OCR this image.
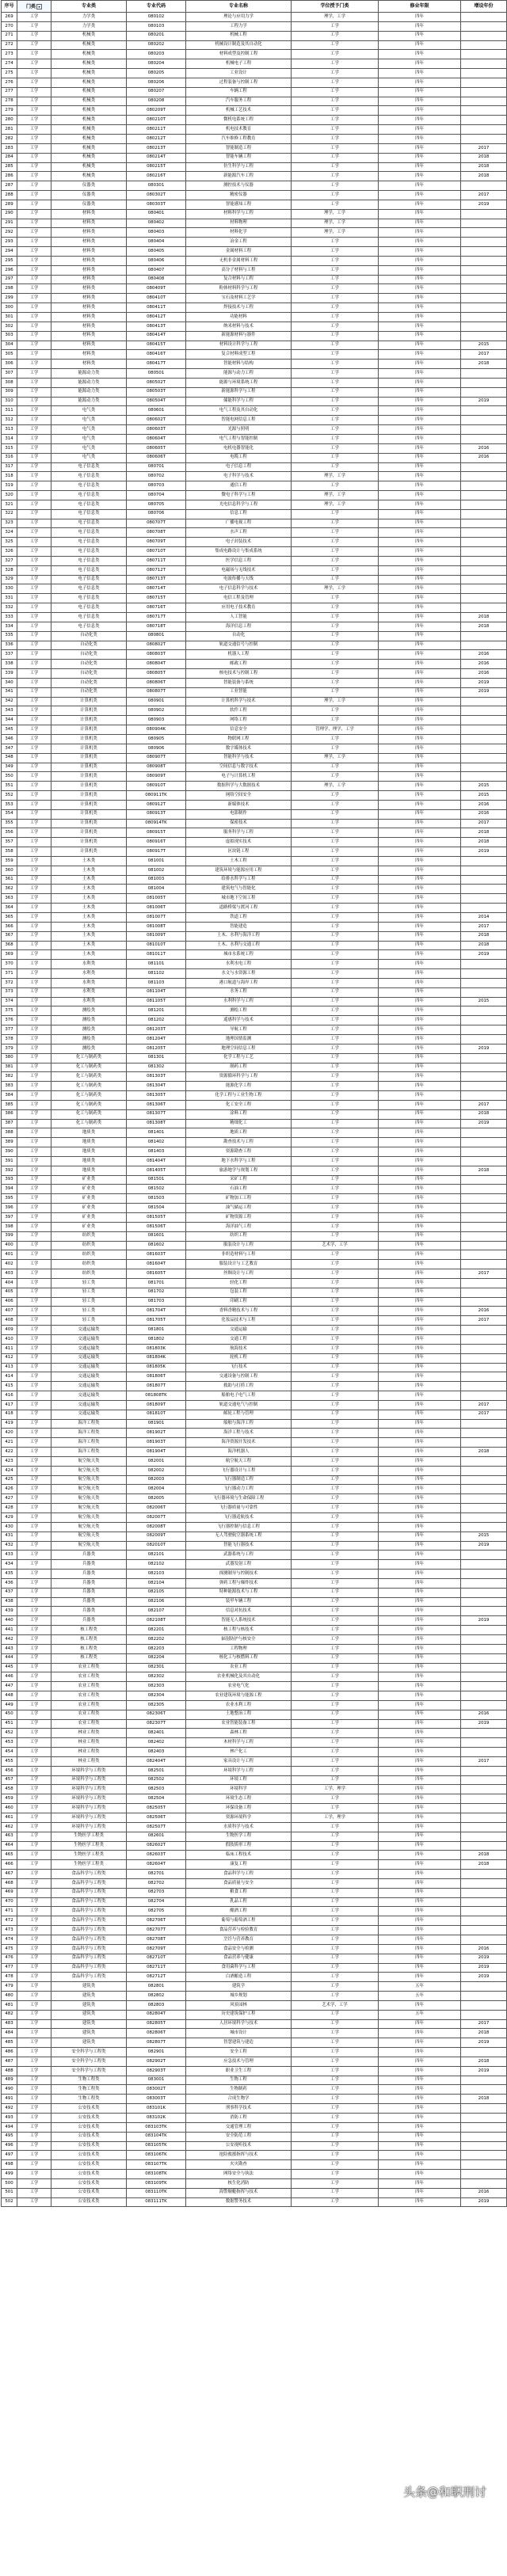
序号	门类 ▾	专业类	专业代码	专业名称	学位授予门类	修业年限	增设年份
269	工学	力学类	080102	理论与应用力学	理学，工学	四年	
270	工学	力学类	080103	工程力学	工学	四年	
271	工学	机械类	080201	机械工程	工学	四年	
272	工学	机械类	080202	机械设计制造及其自动化	工学	四年	
273	工学	机械类	080203	材料成型及控制工程	工学	四年	
274	工学	机械类	080204	机械电子工程	工学	四年	
275	工学	机械类	080205	工业设计	工学	四年	
276	工学	机械类	080206	过程装备与控制工程	工学	四年	
277	工学	机械类	080207	车辆工程	工学	四年	
278	工学	机械类	080208	汽车服务工程	工学	四年	
279	工学	机械类	080209T	机械工艺技术	工学	四年	
280	工学	机械类	080210T	微机电系统工程	工学	四年	
281	工学	机械类	080211T	机电技术教育	工学	四年	
282	工学	机械类	080212T	汽车维修工程教育	工学	四年	
283	工学	机械类	080213T	智能制造工程	工学	四年	2017
284	工学	机械类	080214T	智能车辆工程	工学	四年	2018
285	工学	机械类	080215T	仿生科学与工程	工学	四年	2018
286	工学	机械类	080216T	新能源汽车工程	工学	四年	2018
287	工学	仪器类	080301	测控技术与仪器	工学	四年	
288	工学	仪器类	080302T	精密仪器	工学	四年	2017
289	工学	仪器类	080303T	智能感知工程	工学	四年	2019
290	工学	材料类	080401	材料科学与工程	理学，工学	四年	
291	工学	材料类	080402	材料物理	理学，工学	四年	
292	工学	材料类	080403	材料化学	理学，工学	四年	
293	工学	材料类	080404	冶金工程	工学	四年	
294	工学	材料类	080405	金属材料工程	工学	四年	
295	工学	材料类	080406	无机非金属材料工程	工学	四年	
296	工学	材料类	080407	高分子材料与工程	工学	四年	
297	工学	材料类	080408	复合材料与工程	工学	四年	
298	工学	材料类	080409T	粉体材料科学与工程	工学	四年	
299	工学	材料类	080410T	宝石及材料工艺学	工学	四年	
300	工学	材料类	080411T	焊接技术与工程	工学	四年	
301	工学	材料类	080412T	功能材料	工学	四年	
302	工学	材料类	080413T	纳米材料与技术	工学	四年	
303	工学	材料类	080414T	新能源材料与器件	工学	四年	
304	工学	材料类	080415T	材料设计科学与工程	工学	四年	2015
305	工学	材料类	080416T	复合材料成型工程	工学	四年	2017
306	工学	材料类	080417T	智能材料与结构	工学	四年	2018
307	工学	能源动力类	080501	能源与动力工程	工学	四年	
308	工学	能源动力类	080502T	能源与环境系统工程	工学	四年	
309	工学	能源动力类	080503T	新能源科学与工程	工学	四年	
310	工学	能源动力类	080504T	储能科学与工程	工学	四年	2019
311	工学	电气类	080601	电气工程及其自动化	工学	四年	
312	工学	电气类	080602T	智能电网信息工程	工学	四年	
313	工学	电气类	080603T	光源与照明	工学	四年	
314	工学	电气类	080604T	电气工程与智能控制	工学	四年	
315	工学	电气类	080605T	电机电器智能化	工学	四年	2016
316	工学	电气类	080606T	电缆工程	工学	四年	2016
317	工学	电子信息类	080701	电子信息工程	工学	四年	
318	工学	电子信息类	080702	电子科学与技术	理学，工学	四年	
319	工学	电子信息类	080703	通信工程	工学	四年	
320	工学	电子信息类	080704	微电子科学与工程	理学，工学	四年	
321	工学	电子信息类	080705	光电信息科学与工程	理学，工学	四年	
322	工学	电子信息类	080706	信息工程	工学	四年	
323	工学	电子信息类	080707T	广播电视工程	工学	四年	
324	工学	电子信息类	080708T	水声工程	工学	四年	
325	工学	电子信息类	080709T	电子封装技术	工学	四年	
326	工学	电子信息类	080710T	集成电路设计与集成系统	工学	四年	
327	工学	电子信息类	080711T	医学信息工程	工学	四年	
328	工学	电子信息类	080712T	电磁场与无线技术	工学	四年	
329	工学	电子信息类	080713T	电波传播与天线	工学	四年	
330	工学	电子信息类	080714T	电子信息科学与技术	理学，工学	四年	
331	工学	电子信息类	080715T	电信工程及管理	工学	四年	
332	工学	电子信息类	080716T	应用电子技术教育	工学	四年	
333	工学	电子信息类	080717T	人工智能	工学	四年	2018
334	工学	电子信息类	080718T	海洋信息工程	工学	四年	2018
335	工学	自动化类	080801	自动化	工学	四年	
336	工学	自动化类	080802T	轨道交通信号与控制	工学	四年	
337	工学	自动化类	080803T	机器人工程	工学	四年	2016
338	工学	自动化类	080804T	邮政工程	工学	四年	2016
339	工学	自动化类	080805T	核电技术与控制工程	工学	四年	2016
340	工学	自动化类	080806T	智能装备与系统	工学	四年	2019
341	工学	自动化类	080807T	工业智能	工学	四年	2019
342	工学	计算机类	080901	计算机科学与技术	理学，工学	四年	
343	工学	计算机类	080902	软件工程	工学	四年	
344	工学	计算机类	080903	网络工程	工学	四年	
345	工学	计算机类	080904K	信息安全	管理学，理学，工学	四年	
346	工学	计算机类	080905	物联网工程	工学	四年	
347	工学	计算机类	080906	数字媒体技术	工学	四年	
348	工学	计算机类	080907T	智能科学与技术	理学，工学	四年	
349	工学	计算机类	080908T	空间信息与数字技术	工学	四年	
350	工学	计算机类	080909T	电子与计算机工程	工学	四年	
351	工学	计算机类	080910T	数据科学与大数据技术	理学，工学	四年	2015
352	工学	计算机类	080911TK	网络空间安全	工学	四年	2015
353	工学	计算机类	080912T	新媒体技术	工学	四年	2016
354	工学	计算机类	080913T	电影制作	工学	四年	2016
355	工学	计算机类	080914TK	保密技术	工学	四年	2017
356	工学	计算机类	080915T	服务科学与工程	工学	四年	2018
357	工学	计算机类	080916T	虚拟现实技术	工学	四年	2018
358	工学	计算机类	080917T	区块链工程	工学	四年	2019
359	工学	土木类	081001	土木工程	工学	四年	
360	工学	土木类	081002	建筑环境与能源应用工程	工学	四年	
361	工学	土木类	081003	给排水科学与工程	工学	四年	
362	工学	土木类	081004	建筑电气与智能化	工学	四年	
363	工学	土木类	081005T	城市地下空间工程	工学	四年	
364	工学	土木类	081006T	道路桥梁与渡河工程	工学	四年	
365	工学	土木类	081007T	铁道工程	工学	四年	2014
366	工学	土木类	081008T	智能建造	工学	四年	2017
367	工学	土木类	081009T	土木、水利与海洋工程	工学	四年	2018
368	工学	土木类	081010T	土木、水利与交通工程	工学	四年	2018
369	工学	土木类	081011T	城市水系统工程	工学	四年	2019
370	工学	水利类	081101	水利水电工程	工学	四年	
371	工学	水利类	081102	水文与水资源工程	工学	四年	
372	工学	水利类	081103	港口航道与海岸工程	工学	四年	
373	工学	水利类	081104T	水务工程	工学	四年	
374	工学	水利类	081105T	水利科学与工程	工学	四年	2015
375	工学	测绘类	081201	测绘工程	工学	四年	
376	工学	测绘类	081202	遥感科学与技术	工学	四年	
377	工学	测绘类	081203T	导航工程	工学	四年	
378	工学	测绘类	081204T	地理国情监测	工学	四年	
379	工学	测绘类	081205T	地理空间信息工程	工学	四年	2019
380	工学	化工与制药类	081301	化学工程与工艺	工学	四年	
381	工学	化工与制药类	081302	制药工程	工学	四年	
382	工学	化工与制药类	081303T	资源循环科学与工程	工学	四年	
383	工学	化工与制药类	081304T	能源化学工程	工学	四年	
384	工学	化工与制药类	081305T	化学工程与工业生物工程	工学	四年	
385	工学	化工与制药类	081306T	化工安全工程	工学	四年	2017
386	工学	化工与制药类	081307T	涂料工程	工学	四年	2018
387	工学	化工与制药类	081308T	精细化工	工学	四年	2019
388	工学	地质类	081401	地质工程	工学	四年	
389	工学	地质类	081402	勘查技术与工程	工学	四年	
390	工学	地质类	081403	资源勘查工程	工学	四年	
391	工学	地质类	081404T	地下水科学与工程	工学	四年	
392	工学	地质类	081405T	旅游地学与规划工程	工学	四年	2018
393	工学	矿业类	081501	采矿工程	工学	四年	
394	工学	矿业类	081502	石油工程	工学	四年	
395	工学	矿业类	081503	矿物加工工程	工学	四年	
396	工学	矿业类	081504	油气储运工程	工学	四年	
397	工学	矿业类	081505T	矿物资源工程	工学	四年	
398	工学	矿业类	081506T	海洋油气工程	工学	四年	
399	工学	纺织类	081601	纺织工程	工学	四年	
400	工学	纺织类	081602	服装设计与工程	艺术学，工学	四年	
401	工学	纺织类	081603T	非织造材料与工程	工学	四年	
402	工学	纺织类	081604T	服装设计与工艺教育	工学	四年	
403	工学	纺织类	081605T	丝绸设计与工程	工学	四年	2017
404	工学	轻工类	081701	轻化工程	工学	四年	
405	工学	轻工类	081702	包装工程	工学	四年	
406	工学	轻工类	081703	印刷工程	工学	四年	
407	工学	轻工类	081704T	香料香精技术与工程	工学	四年	2016
408	工学	轻工类	081705T	化妆品技术与工程	工学	四年	2017
409	工学	交通运输类	081801	交通运输	工学	四年	
410	工学	交通运输类	081802	交通工程	工学	四年	
411	工学	交通运输类	081803K	航海技术	工学	四年	
412	工学	交通运输类	081804K	轮机工程	工学	四年	
413	工学	交通运输类	081805K	飞行技术	工学	四年	
414	工学	交通运输类	081806T	交通设备与控制工程	工学	四年	
415	工学	交通运输类	081807T	救助与打捞工程	工学	四年	
416	工学	交通运输类	081808TK	船舶电子电气工程	工学	四年	
417	工学	交通运输类	081809T	轨道交通电气与控制	工学	四年	2017
418	工学	交通运输类	081810T	邮轮工程与管理	工学	四年	2017
419	工学	海洋工程类	081901	船舶与海洋工程	工学	四年	
420	工学	海洋工程类	081902T	海洋工程与技术	工学	四年	
421	工学	海洋工程类	081903T	海洋资源开发技术	工学	四年	
422	工学	海洋工程类	081904T	海洋机器人	工学	四年	2018
423	工学	航空航天类	082001	航空航天工程	工学	四年	
424	工学	航空航天类	082002	飞行器设计与工程	工学	四年	
425	工学	航空航天类	082003	飞行器制造工程	工学	四年	
426	工学	航空航天类	082004	飞行器动力工程	工学	四年	
427	工学	航空航天类	082005	飞行器环境与生命保障工程	工学	四年	
428	工学	航空航天类	082006T	飞行器质量与可靠性	工学	四年	
429	工学	航空航天类	082007T	飞行器适航技术	工学	四年	
430	工学	航空航天类	082008T	飞行器控制与信息工程	工学	四年	
431	工学	航空航天类	082009T	无人驾驶航空器系统工程	工学	四年	2015
432	工学	航空航天类	082010T	智能飞行器技术	工学	四年	2019
433	工学	兵器类	082101	武器系统与工程	工学	四年	
434	工学	兵器类	082102	武器发射工程	工学	四年	
435	工学	兵器类	082103	探测制导与控制技术	工学	四年	
436	工学	兵器类	082104	弹药工程与爆炸技术	工学	四年	
437	工学	兵器类	082105	特种能源技术与工程	工学	四年	
438	工学	兵器类	082106	装甲车辆工程	工学	四年	
439	工学	兵器类	082107	信息对抗技术	工学	四年	
440	工学	兵器类	082108T	智能无人系统技术	工学	四年	2019
441	工学	核工程类	082201	核工程与核技术	工学	四年	
442	工学	核工程类	082202	辐射防护与核安全	工学	四年	
443	工学	核工程类	082203	工程物理	工学	四年	
444	工学	核工程类	082204	核化工与核燃料工程	工学	四年	
445	工学	农业工程类	082301	农业工程	工学	四年	
446	工学	农业工程类	082302	农业机械化及其自动化	工学	四年	
447	工学	农业工程类	082303	农业电气化	工学	四年	
448	工学	农业工程类	082304	农业建筑环境与能源工程	工学	四年	
449	工学	农业工程类	082305	农业水利工程	工学	四年	
450	工学	农业工程类	082306T	土地整治工程	工学	四年	2016
451	工学	农业工程类	082307T	农业智能装备工程	工学	四年	2019
452	工学	林业工程类	082401	森林工程	工学	四年	
453	工学	林业工程类	082402	木材科学与工程	工学	四年	
454	工学	林业工程类	082403	林产化工	工学	四年	
455	工学	林业工程类	082404T	家具设计与工程	工学	四年	2017
456	工学	环境科学与工程类	082501	环境科学与工程	工学	四年	
457	工学	环境科学与工程类	082502	环境工程	工学	四年	
458	工学	环境科学与工程类	082503	环境科学	工学，理学	四年	
459	工学	环境科学与工程类	082504	环境生态工程	工学	四年	
460	工学	环境科学与工程类	082505T	环保设备工程	工学	四年	
461	工学	环境科学与工程类	082506T	资源环境科学	工学，理学	四年	
462	工学	环境科学与工程类	082507T	水质科学与技术	工学	四年	
463	工学	生物医学工程类	082601	生物医学工程	工学	四年	
464	工学	生物医学工程类	082602T	假肢矫形工程	工学	四年	
465	工学	生物医学工程类	082603T	临床工程技术	工学	四年	2018
466	工学	生物医学工程类	082604T	康复工程	工学	四年	2018
467	工学	食品科学与工程类	082701	食品科学与工程	工学	四年	
468	工学	食品科学与工程类	082702	食品质量与安全	工学	四年	
469	工学	食品科学与工程类	082703	粮食工程	工学	四年	
470	工学	食品科学与工程类	082704	乳品工程	工学	四年	
471	工学	食品科学与工程类	082705	酿酒工程	工学	四年	
472	工学	食品科学与工程类	082706T	葡萄与葡萄酒工程	工学	四年	
473	工学	食品科学与工程类	082707T	食品营养与检验教育	工学	四年	
474	工学	食品科学与工程类	082708T	烹饪与营养教育	工学	四年	
475	工学	食品科学与工程类	082709T	食品安全与检测	工学	四年	2016
476	工学	食品科学与工程类	082710T	食品营养与健康	工学	四年	2019
477	工学	食品科学与工程类	082711T	食用菌科学与工程	工学	四年	2019
478	工学	食品科学与工程类	082712T	白酒酿造工程	工学	四年	2019
479	工学	建筑类	082801	建筑学	工学	五年	
480	工学	建筑类	082802	城乡规划	工学	五年	
481	工学	建筑类	082803	风景园林	艺术学，工学	四年	
482	工学	建筑类	082804T	历史建筑保护工程	工学	五年	
483	工学	建筑类	082805T	人居环境科学与技术	工学	四年	2017
484	工学	建筑类	082806T	城市设计	工学	四年	2018
485	工学	建筑类	082807T	智慧建筑与建造	工学	四年	2019
486	工学	安全科学与工程类	082901	安全工程	工学	四年	
487	工学	安全科学与工程类	082902T	应急技术与管理	工学	四年	2018
488	工学	安全科学与工程类	082903T	职业卫生工程	工学	四年	2019
489	工学	生物工程类	083001	生物工程	工学	四年	
490	工学	生物工程类	083002T	生物制药	工学	四年	
491	工学	生物工程类	083003T	合成生物学	工学	四年	2018
492	工学	公安技术类	083101K	刑事科学技术	工学	四年	
493	工学	公安技术类	083102K	消防工程	工学	四年	
494	工学	公安技术类	083103TK	交通管理工程	工学	四年	
495	工学	公安技术类	083104TK	安全防范工程	工学	四年	
496	工学	公安技术类	083105TK	公安视听技术	工学	四年	
497	工学	公安技术类	083106TK	抢险救援指挥与技术	工学	四年	
498	工学	公安技术类	083107TK	火灾勘查	工学	四年	
499	工学	公安技术类	083108TK	网络安全与执法	工学	四年	
500	工学	公安技术类	083109TK	核生化消防	工学	四年	
501	工学	公安技术类	083110TK	海警舰艇指挥与技术	工学	四年	2016
502	工学	公安技术类	083111TK	数据警务技术	工学	四年	2019
头条@和职刑讨
